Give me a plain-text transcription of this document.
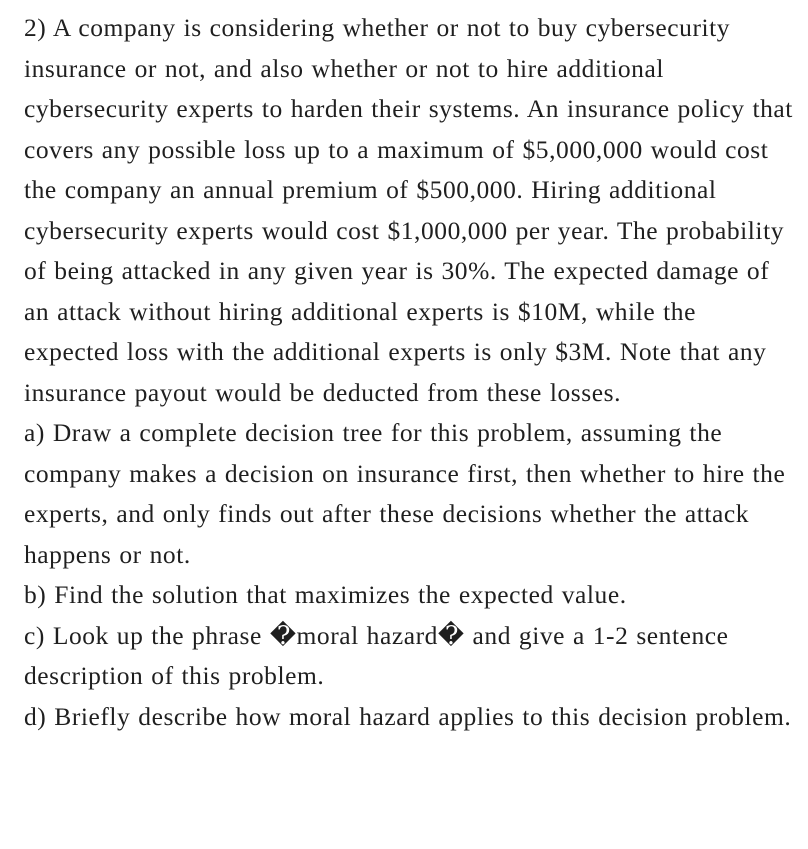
2) A company is considering whether or not to buy cybersecurity insurance or not, and also whether or not to hire additional cybersecurity experts to harden their systems. An insurance policy that covers any possible loss up to a maximum of $5,000,000 would cost the company an annual premium of $500,000. Hiring additional cybersecurity experts would cost $1,000,000 per year. The probability of being attacked in any given year is 30%. The expected damage of an attack without hiring additional experts is $10M, while the expected loss with the additional experts is only $3M. Note that any insurance payout would be deducted from these losses.

a) Draw a complete decision tree for this problem, assuming the company makes a decision on insurance first, then whether to hire the experts, and only finds out after these decisions whether the attack happens or not.

b) Find the solution that maximizes the expected value.

c) Look up the phrase �moral hazard� and give a 1-2 sentence description of this problem.

d) Briefly describe how moral hazard applies to this decision problem.
